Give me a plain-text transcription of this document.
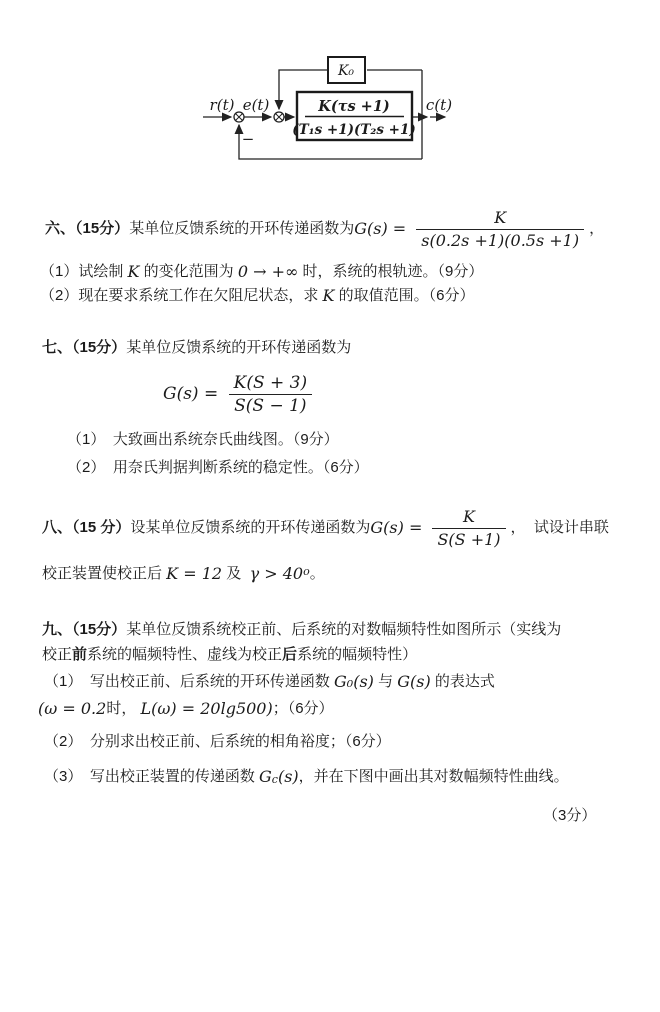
K(τs +1)
(T₁s +1)(T₂s +1)
K₀
−
r(t) e(t)	c(t)
六、（15分） 某单位反馈系统的开环传递函数为 $G(s) = \frac{K}{s(0.2s +1)(0.5s +1)}$ ，
（1）试绘制 K 的变化范围为 0 → +∞ 时，系统的根轨迹。（9分）
（2）现在要求系统工作在欠阻尼状态，求 K 的取值范围。（6分）
七、（15分） 某单位反馈系统的开环传递函数为
$G(s) = \frac{K(S + 3)}{S(S - 1)}$
（1）　大致画出系统奈氏曲线图。（9分）
（2）　用奈氏判据判断系统的稳定性。（6分）
八、（15 分） 设某单位反馈系统的开环传递函数为 $G(s) = \frac{K}{S(S +1)}$ ，  试设计串联
校正装置使校正后 K = 12 及 γ > 40 o 。
九、（15分） 某单位反馈系统校正前、后系统的对数幅频特性如图所示（实线为
校正 前 系统的幅频特性、虚线为校正 后 系统的幅频特性）
（1）　写出校正前、后系统的开环传递函数 G₀(s) 与 G(s) 的表达式
(ω = 0.2 时， L(ω) = 20lg500) ；（6分）
（2）　分别求出校正前、后系统的相角裕度；（6分）
（3）　写出校正装置的传递函数 G c (s) ，并在下图中画出其对数幅频特性曲线。
（3分）
